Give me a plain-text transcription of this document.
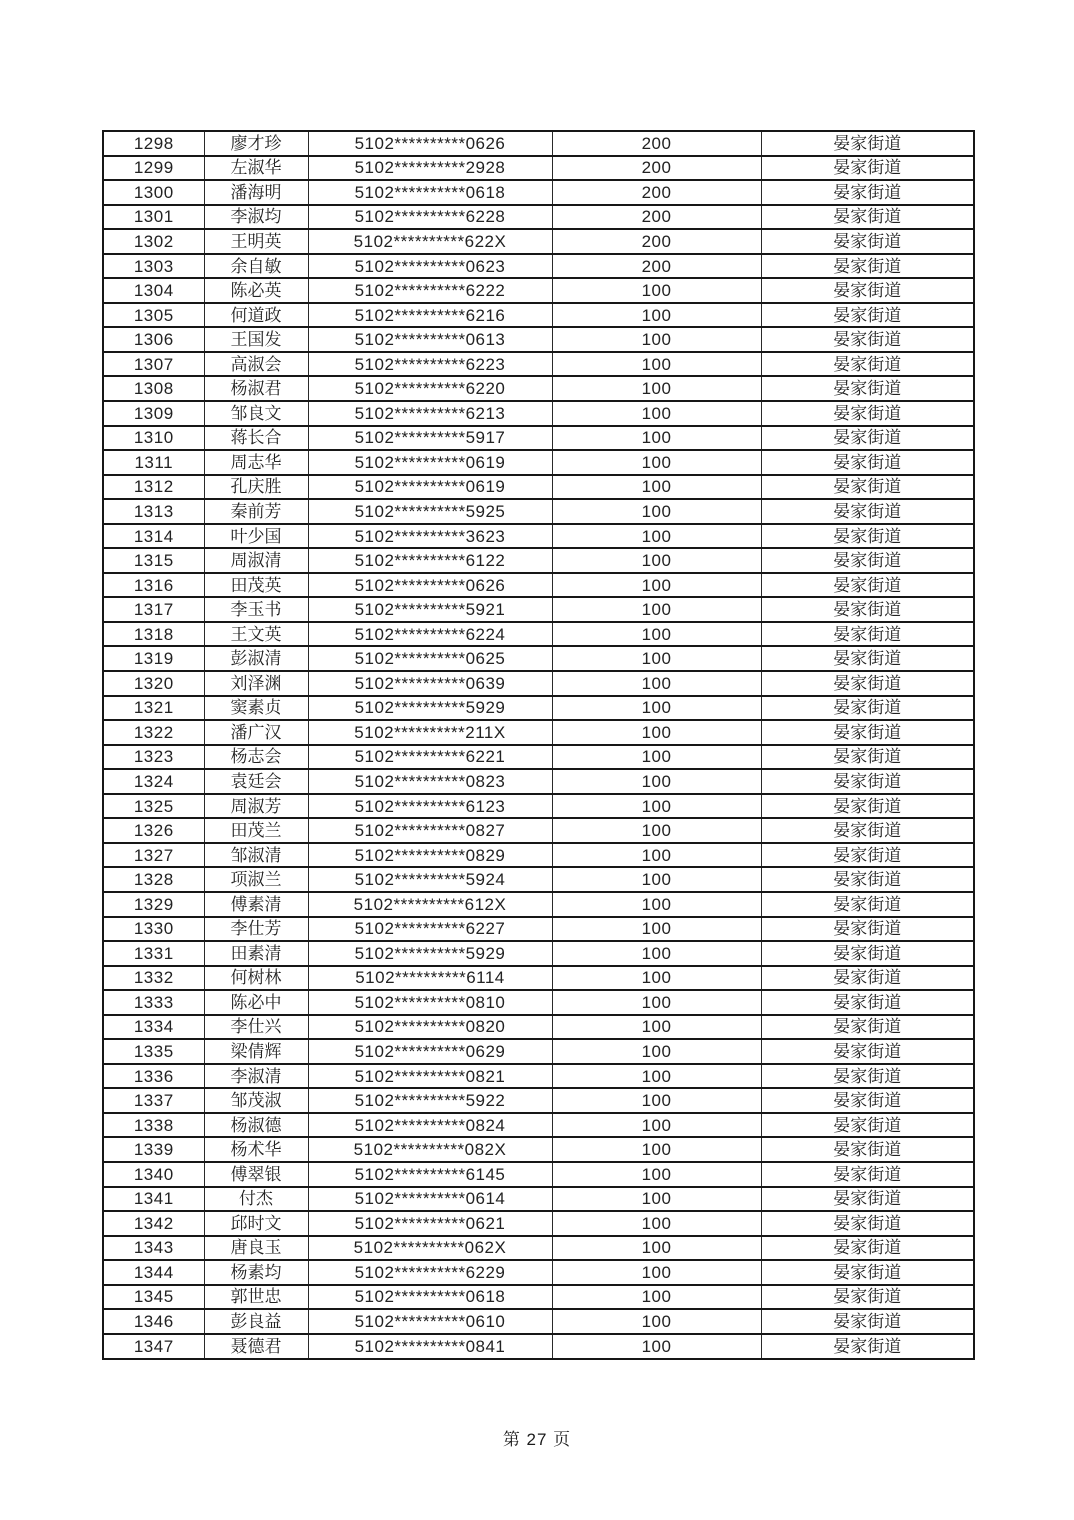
1298	廖才珍	5102**********0626	200	晏家街道
1299	左淑华	5102**********2928	200	晏家街道
1300	潘海明	5102**********0618	200	晏家街道
1301	李淑均	5102**********6228	200	晏家街道
1302	王明英	5102**********622X	200	晏家街道
1303	余自敏	5102**********0623	200	晏家街道
1304	陈必英	5102**********6222	100	晏家街道
1305	何道政	5102**********6216	100	晏家街道
1306	王国发	5102**********0613	100	晏家街道
1307	高淑会	5102**********6223	100	晏家街道
1308	杨淑君	5102**********6220	100	晏家街道
1309	邹良文	5102**********6213	100	晏家街道
1310	蒋长合	5102**********5917	100	晏家街道
1311	周志华	5102**********0619	100	晏家街道
1312	孔庆胜	5102**********0619	100	晏家街道
1313	秦前芳	5102**********5925	100	晏家街道
1314	叶少国	5102**********3623	100	晏家街道
1315	周淑清	5102**********6122	100	晏家街道
1316	田茂英	5102**********0626	100	晏家街道
1317	李玉书	5102**********5921	100	晏家街道
1318	王文英	5102**********6224	100	晏家街道
1319	彭淑清	5102**********0625	100	晏家街道
1320	刘泽渊	5102**********0639	100	晏家街道
1321	窦素贞	5102**********5929	100	晏家街道
1322	潘广汉	5102**********211X	100	晏家街道
1323	杨志会	5102**********6221	100	晏家街道
1324	袁廷会	5102**********0823	100	晏家街道
1325	周淑芳	5102**********6123	100	晏家街道
1326	田茂兰	5102**********0827	100	晏家街道
1327	邹淑清	5102**********0829	100	晏家街道
1328	项淑兰	5102**********5924	100	晏家街道
1329	傅素清	5102**********612X	100	晏家街道
1330	李仕芳	5102**********6227	100	晏家街道
1331	田素清	5102**********5929	100	晏家街道
1332	何树林	5102**********6114	100	晏家街道
1333	陈必中	5102**********0810	100	晏家街道
1334	李仕兴	5102**********0820	100	晏家街道
1335	梁倩辉	5102**********0629	100	晏家街道
1336	李淑清	5102**********0821	100	晏家街道
1337	邹茂淑	5102**********5922	100	晏家街道
1338	杨淑德	5102**********0824	100	晏家街道
1339	杨术华	5102**********082X	100	晏家街道
1340	傅翠银	5102**********6145	100	晏家街道
1341	付杰	5102**********0614	100	晏家街道
1342	邱时文	5102**********0621	100	晏家街道
1343	唐良玉	5102**********062X	100	晏家街道
1344	杨素均	5102**********6229	100	晏家街道
1345	郭世忠	5102**********0618	100	晏家街道
1346	彭良益	5102**********0610	100	晏家街道
1347	聂德君	5102**********0841	100	晏家街道
第 27 页
